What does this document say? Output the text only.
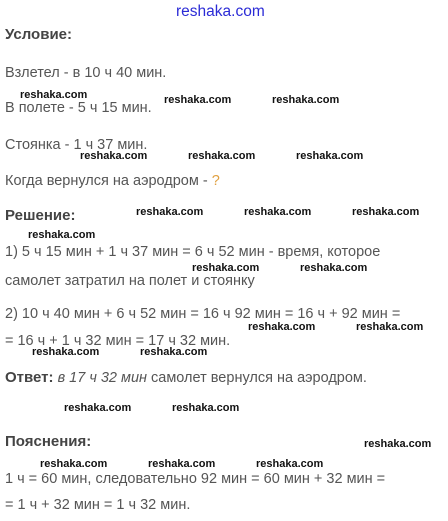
reshaka.com
Условие:
Взлетел - в 10 ч 40 мин.
В полете - 5 ч 15 мин.
Стоянка - 1 ч 37 мин.
Когда вернулся на аэродром - ?
Решение:
1) 5 ч 15 мин + 1 ч 37 мин = 6 ч 52 мин - время, которое
самолет затратил на полет и стоянку
2) 10 ч 40 мин + 6 ч 52 мин = 16 ч 92 мин = 16 ч + 92 мин =
= 16 ч + 1 ч 32 мин = 17 ч 32 мин.
Ответ: в 17 ч 32 мин самолет вернулся на аэродром.
Пояснения:
1 ч = 60 мин, следовательно 92 мин = 60 мин + 32 мин =
= 1 ч + 32 мин = 1 ч 32 мин.
reshaka.com	reshaka.com	reshaka.com
reshaka.com	reshaka.com	reshaka.com
reshaka.com	reshaka.com	reshaka.com
reshaka.com
reshaka.com	reshaka.com
reshaka.com	reshaka.com
reshaka.com	reshaka.com
reshaka.com	reshaka.com
reshaka.com
reshaka.com	reshaka.com	reshaka.com
